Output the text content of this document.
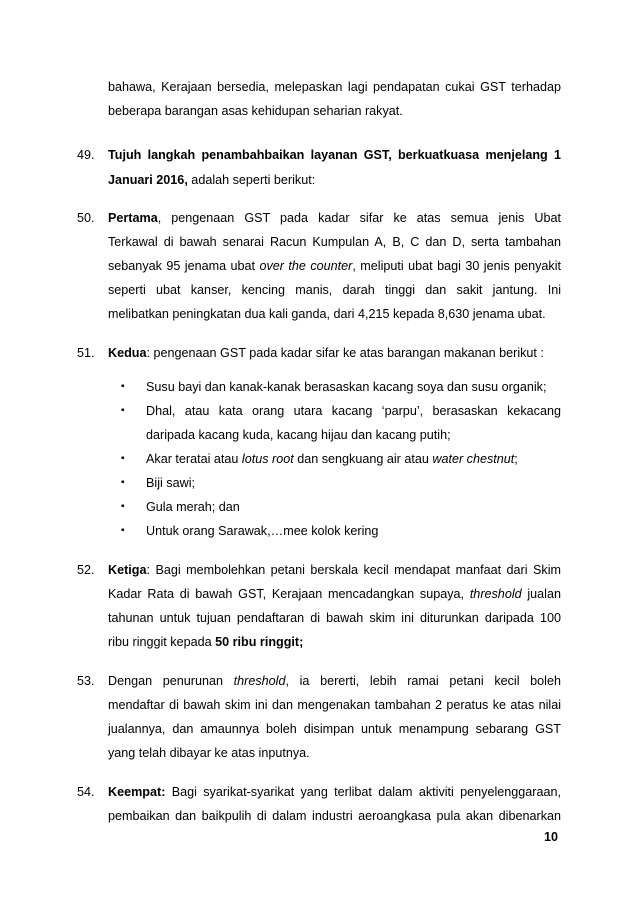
bahawa, Kerajaan bersedia, melepaskan lagi pendapatan cukai GST terhadap
beberapa barangan asas kehidupan seharian rakyat.
49. Tujuh langkah penambahbaikan layanan GST, berkuatkuasa menjelang 1
Januari 2016, adalah seperti berikut:
50. Pertama, pengenaan GST pada kadar sifar ke atas semua jenis Ubat
Terkawal di bawah senarai Racun Kumpulan A, B, C dan D, serta tambahan
sebanyak 95 jenama ubat over the counter, meliputi ubat bagi 30 jenis penyakit
seperti ubat kanser, kencing manis, darah tinggi dan sakit jantung. Ini
melibatkan peningkatan dua kali ganda, dari 4,215 kepada 8,630 jenama ubat.
51. Kedua: pengenaan GST pada kadar sifar ke atas barangan makanan berikut :
▪ Susu bayi dan kanak-kanak berasaskan kacang soya dan susu organik;
▪ Dhal, atau kata orang utara kacang ‘parpu’, berasaskan kekacang
daripada kacang kuda, kacang hijau dan kacang putih;
▪ Akar teratai atau lotus root dan sengkuang air atau water chestnut;
▪ Biji sawi;
▪ Gula merah; dan
▪ Untuk orang Sarawak,…mee kolok kering
52. Ketiga: Bagi membolehkan petani berskala kecil mendapat manfaat dari Skim
Kadar Rata di bawah GST, Kerajaan mencadangkan supaya, threshold jualan
tahunan untuk tujuan pendaftaran di bawah skim ini diturunkan daripada 100
ribu ringgit kepada 50 ribu ringgit;
53. Dengan penurunan threshold, ia bererti, lebih ramai petani kecil boleh
mendaftar di bawah skim ini dan mengenakan tambahan 2 peratus ke atas nilai
jualannya, dan amaunnya boleh disimpan untuk menampung sebarang GST
yang telah dibayar ke atas inputnya.
54. Keempat: Bagi syarikat-syarikat yang terlibat dalam aktiviti penyelenggaraan,
pembaikan dan baikpulih di dalam industri aeroangkasa pula akan dibenarkan
10
